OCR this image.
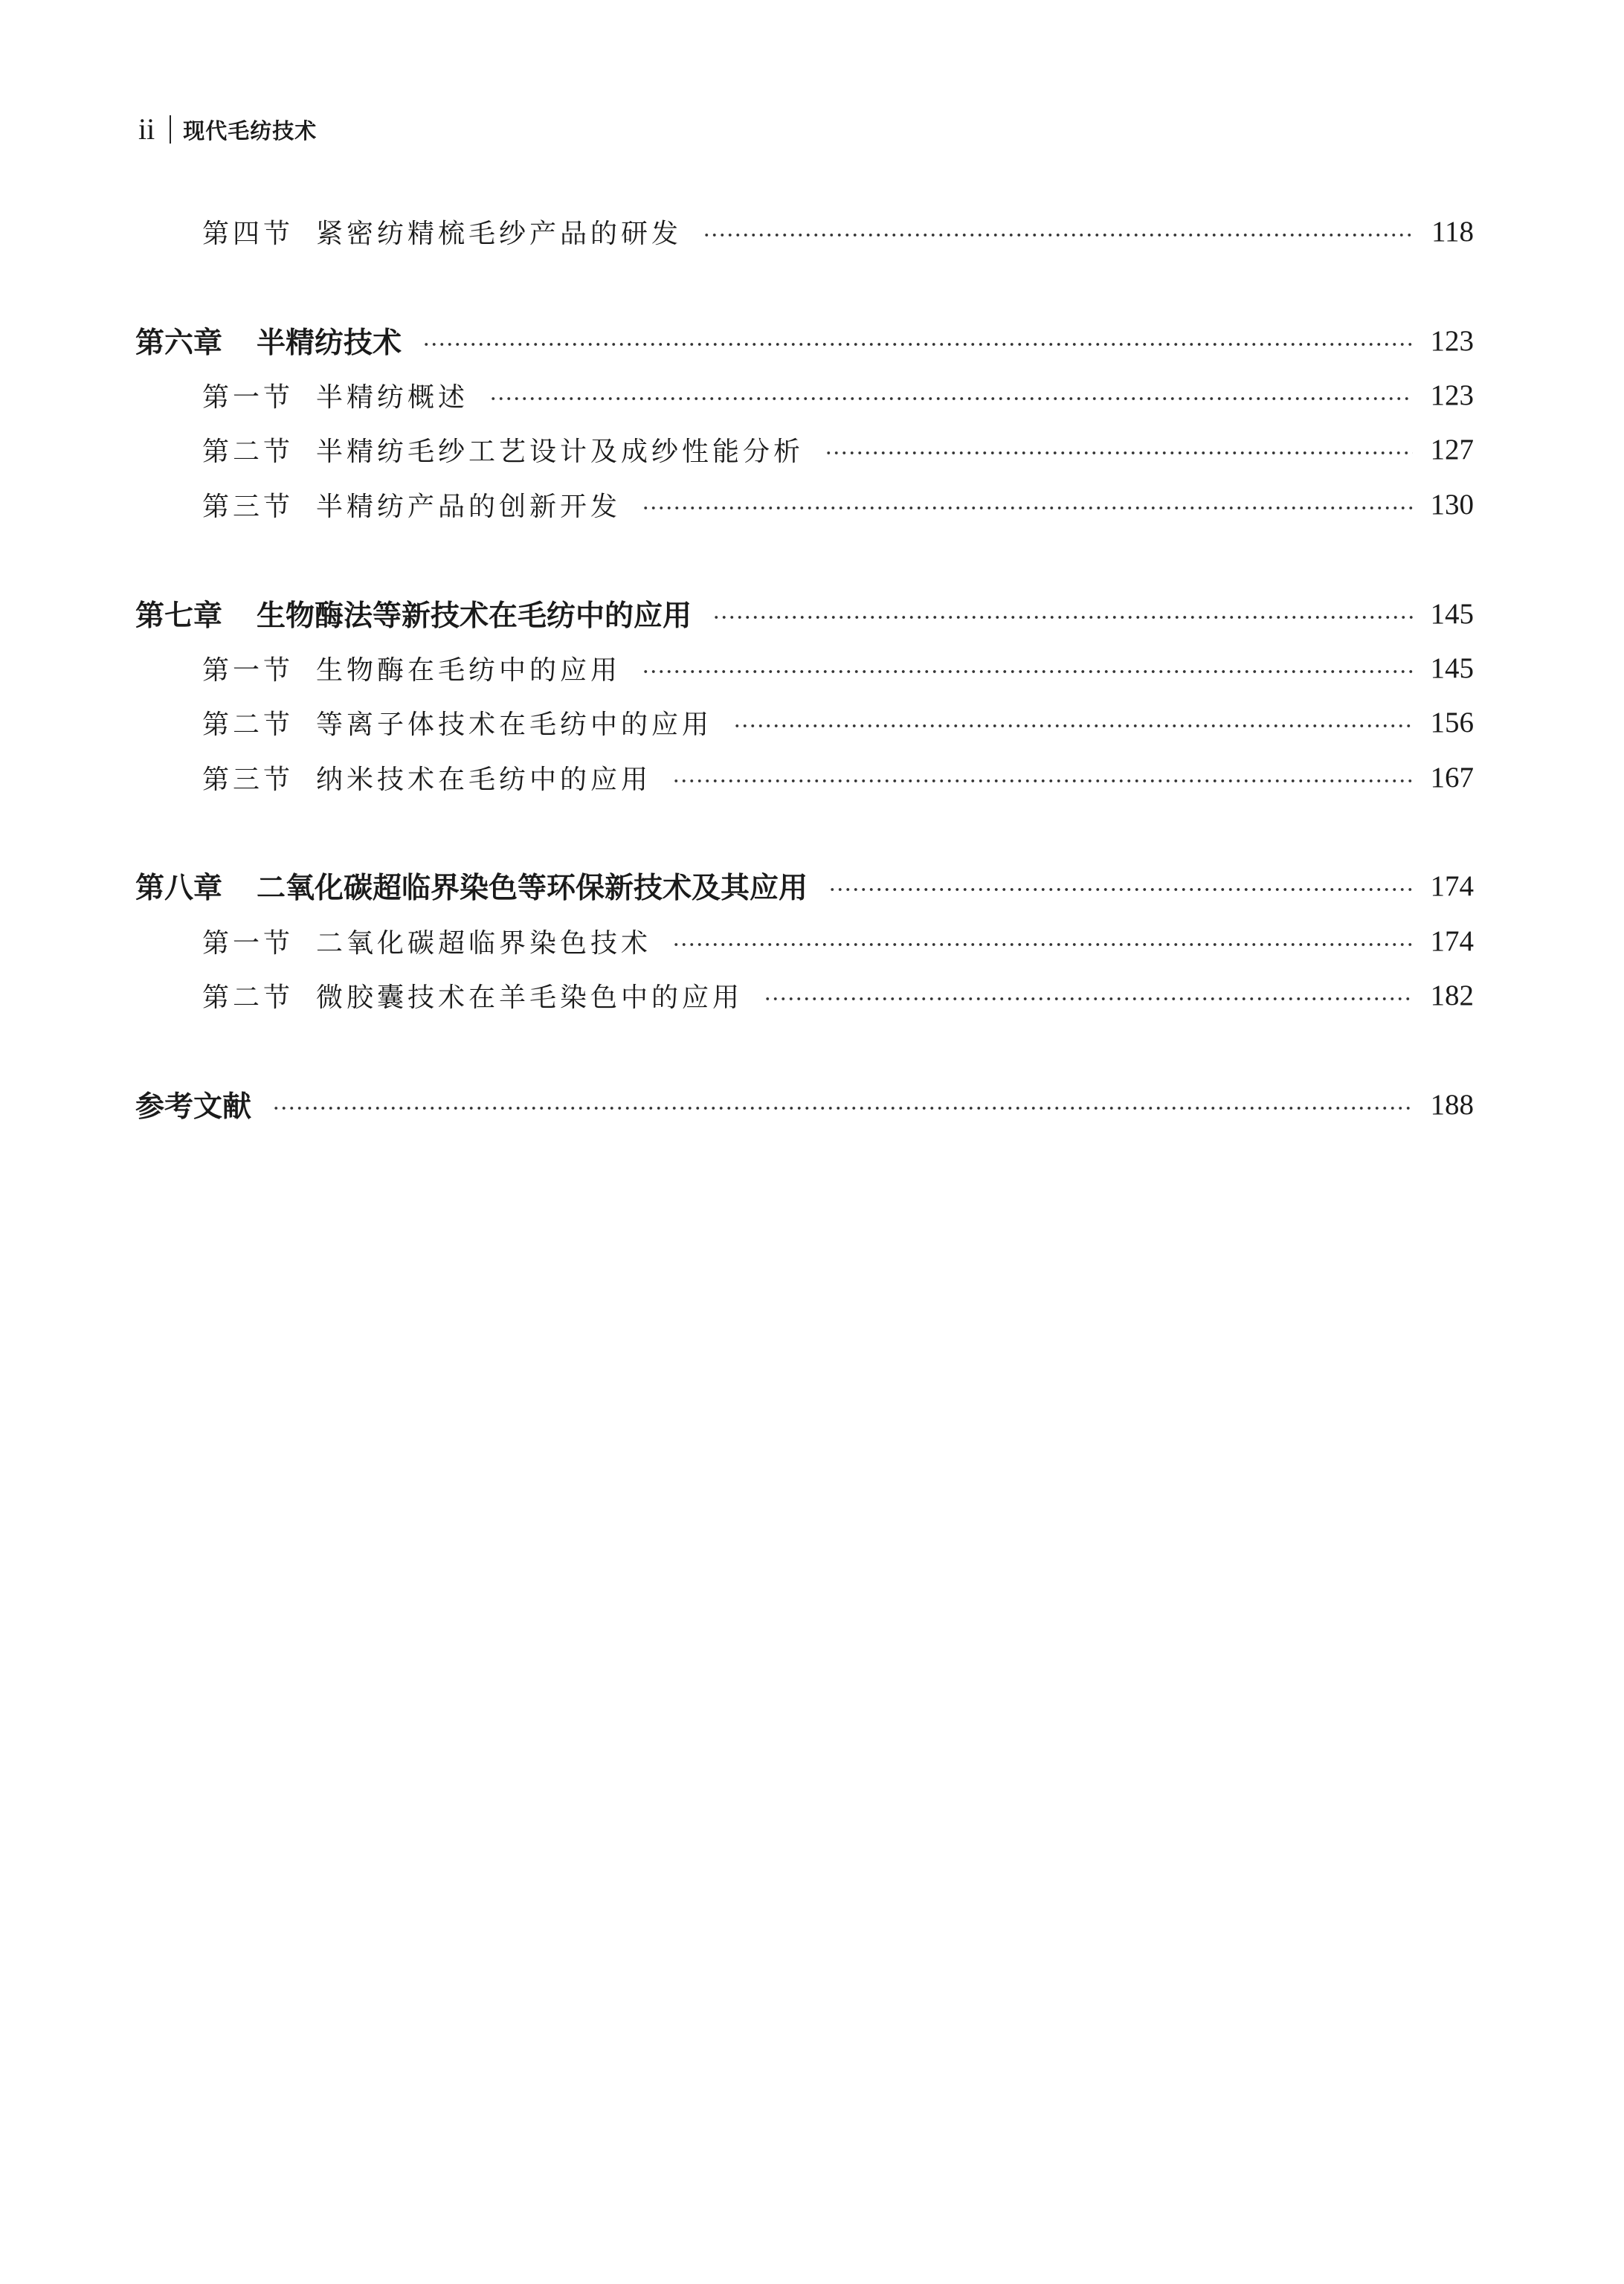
ii 现代毛纺技术
第四节 紧密纺精梳毛纱产品的研发	118
第六章 半精纺技术	123
第一节 半精纺概述	123
第二节 半精纺毛纱工艺设计及成纱性能分析	127
第三节 半精纺产品的创新开发	130
第七章 生物酶法等新技术在毛纺中的应用	145
第一节 生物酶在毛纺中的应用	145
第二节 等离子体技术在毛纺中的应用	156
第三节 纳米技术在毛纺中的应用	167
第八章 二氧化碳超临界染色等环保新技术及其应用	174
第一节 二氧化碳超临界染色技术	174
第二节 微胶囊技术在羊毛染色中的应用	182
参考文献	188
